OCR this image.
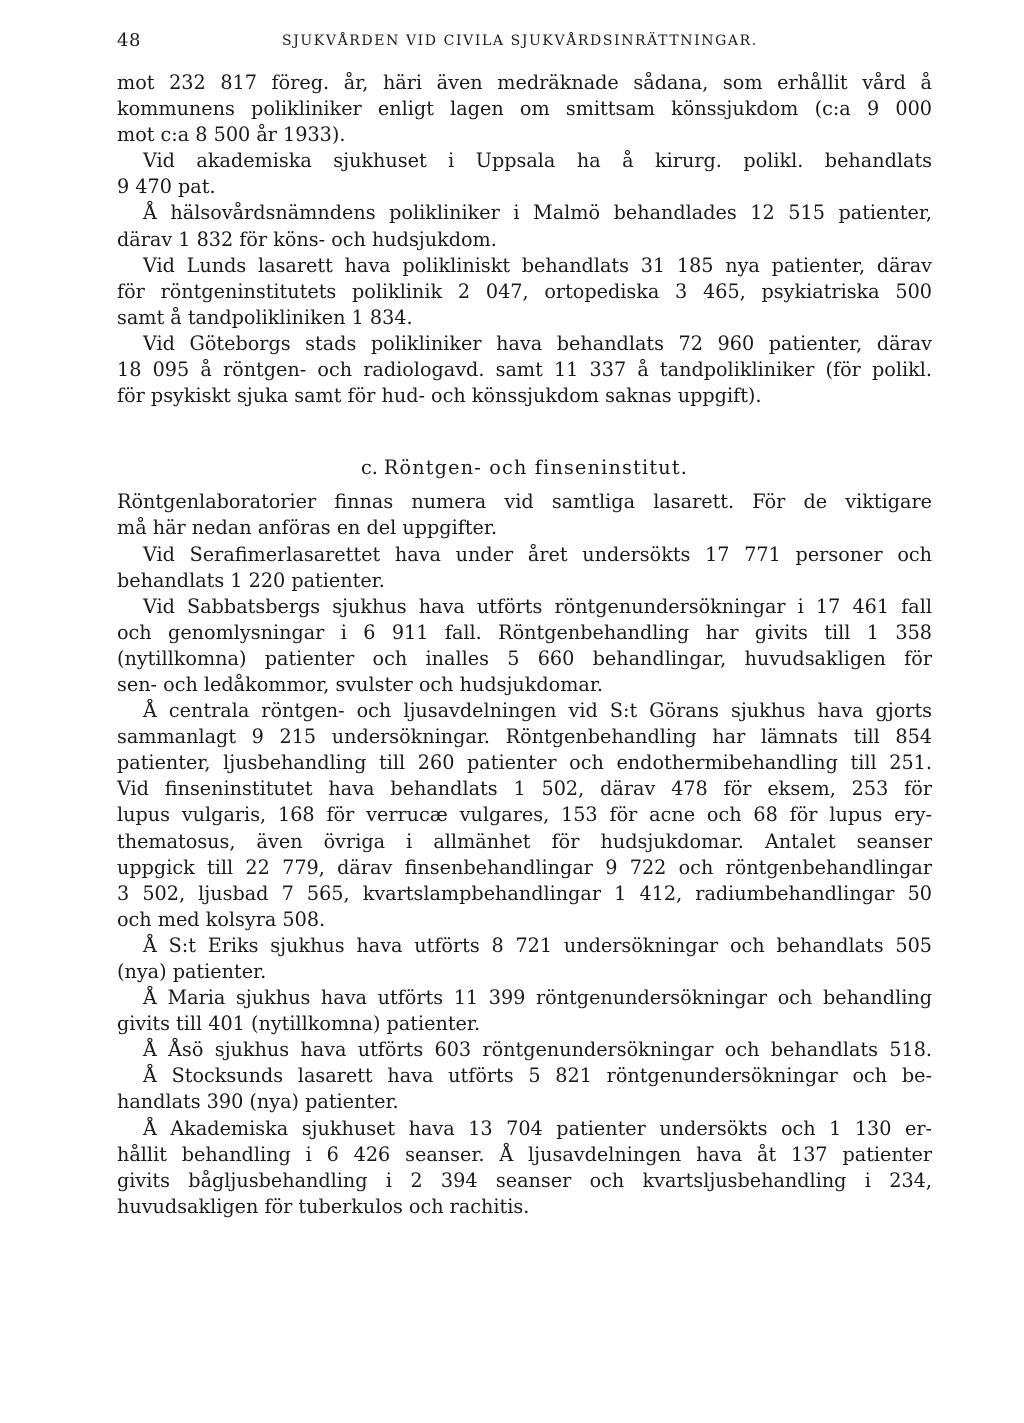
48	SJUKVÅRDEN VID CIVILA SJUKVÅRDSINRÄTTNINGAR.
mot 232 817 föreg. år, häri även medräknade sådana, som erhållit vård å
kommunens polikliniker enligt lagen om smittsam könssjukdom (c:a 9 000
mot c:a 8 500 år 1933).
Vid akademiska sjukhuset i Uppsala ha å kirurg. polikl. behandlats
9 470 pat.
Å hälsovårdsnämndens polikliniker i Malmö behandlades 12 515 patienter,
därav 1 832 för köns- och hudsjukdom.
Vid Lunds lasarett hava polikliniskt behandlats 31 185 nya patienter, därav
för röntgeninstitutets poliklinik 2 047, ortopediska 3 465, psykiatriska 500
samt å tandpolikliniken 1 834.
Vid Göteborgs stads polikliniker hava behandlats 72 960 patienter, därav
18 095 å röntgen- och radiologavd. samt 11 337 å tandpolikliniker (för polikl.
för psykiskt sjuka samt för hud- och könssjukdom saknas uppgift).
c. Röntgen- och finseninstitut.
Röntgenlaboratorier finnas numera vid samtliga lasarett. För de viktigare
må här nedan anföras en del uppgifter.
Vid Serafimerlasarettet hava under året undersökts 17 771 personer och
behandlats 1 220 patienter.
Vid Sabbatsbergs sjukhus hava utförts röntgenundersökningar i 17 461 fall
och genomlysningar i 6 911 fall. Röntgenbehandling har givits till 1 358
(nytillkomna) patienter och inalles 5 660 behandlingar, huvudsakligen för
sen- och ledåkommor, svulster och hudsjukdomar.
Å centrala röntgen- och ljusavdelningen vid S:t Görans sjukhus hava gjorts
sammanlagt 9 215 undersökningar. Röntgenbehandling har lämnats till 854
patienter, ljusbehandling till 260 patienter och endothermibehandling till 251.
Vid finseninstitutet hava behandlats 1 502, därav 478 för eksem, 253 för
lupus vulgaris, 168 för verrucæ vulgares, 153 för acne och 68 för lupus ery-
thematosus, även övriga i allmänhet för hudsjukdomar. Antalet seanser
uppgick till 22 779, därav finsenbehandlingar 9 722 och röntgenbehandlingar
3 502, ljusbad 7 565, kvartslampbehandlingar 1 412, radiumbehandlingar 50
och med kolsyra 508.
Å S:t Eriks sjukhus hava utförts 8 721 undersökningar och behandlats 505
(nya) patienter.
Å Maria sjukhus hava utförts 11 399 röntgenundersökningar och behandling
givits till 401 (nytillkomna) patienter.
Å Åsö sjukhus hava utförts 603 röntgenundersökningar och behandlats 518.
Å Stocksunds lasarett hava utförts 5 821 röntgenundersökningar och be-
handlats 390 (nya) patienter.
Å Akademiska sjukhuset hava 13 704 patienter undersökts och 1 130 er-
hållit behandling i 6 426 seanser. Å ljusavdelningen hava åt 137 patienter
givits bågljusbehandling i 2 394 seanser och kvartsljusbehandling i 234,
huvudsakligen för tuberkulos och rachitis.
